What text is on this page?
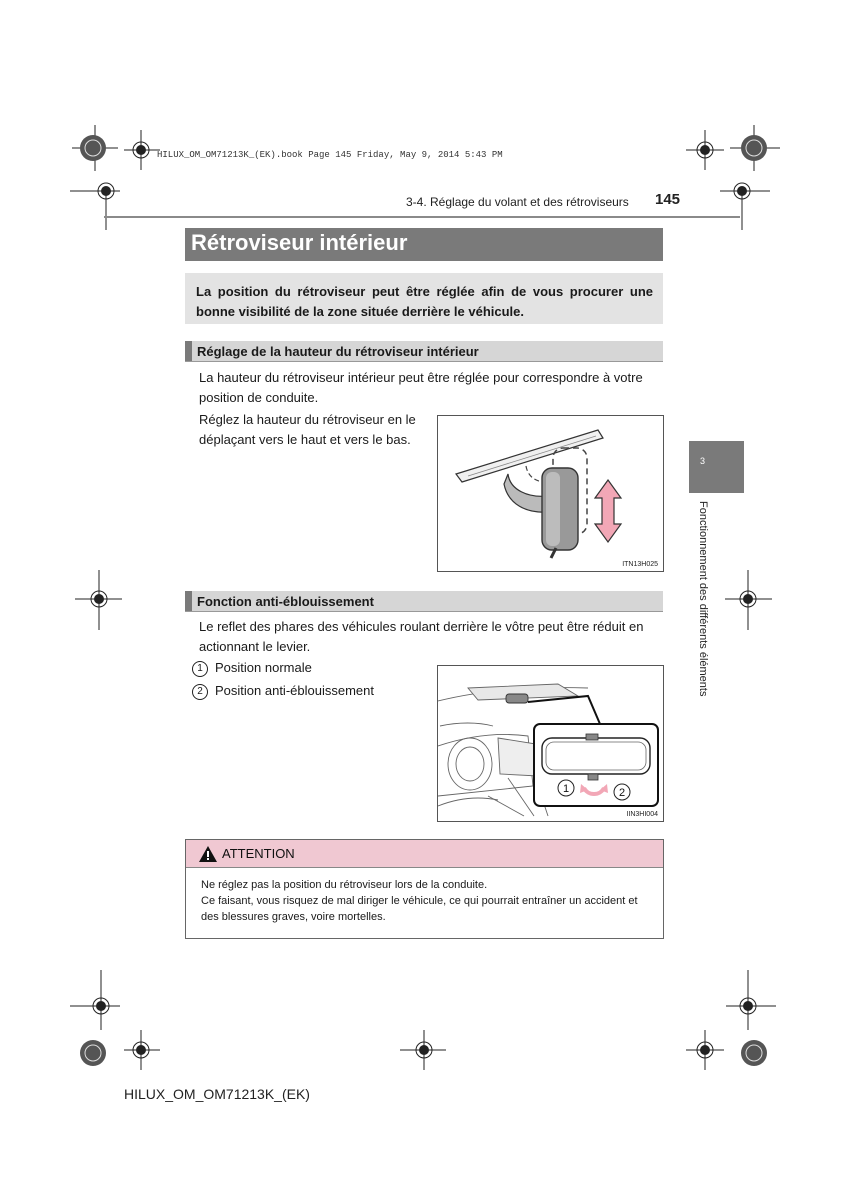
HILUX_OM_OM71213K_(EK).book Page 145 Friday, May 9, 2014 5:43 PM
3-4. Réglage du volant et des rétroviseurs 145
Rétroviseur intérieur

La position du rétroviseur peut être réglée afin de vous procurer une bonne visibilité de la zone située derrière le véhicule.

Réglage de la hauteur du rétroviseur intérieur

La hauteur du rétroviseur intérieur peut être réglée pour correspondre à votre position de conduite.

Réglez la hauteur du rétroviseur en le déplaçant vers le haut et vers le bas.

ITN13H025
Fonction anti-éblouissement

Le reflet des phares des véhicules roulant derrière le vôtre peut être réduit en actionnant le levier.

1 Position normale
2 Position anti-éblouissement
1	2
IIN3HI004
3
Fonctionnement des différents éléments
ATTENTION

Ne réglez pas la position du rétroviseur lors de la conduite.
Ce faisant, vous risquez de mal diriger le véhicule, ce qui pourrait entraîner un accident et des blessures graves, voire mortelles.

HILUX_OM_OM71213K_(EK)
